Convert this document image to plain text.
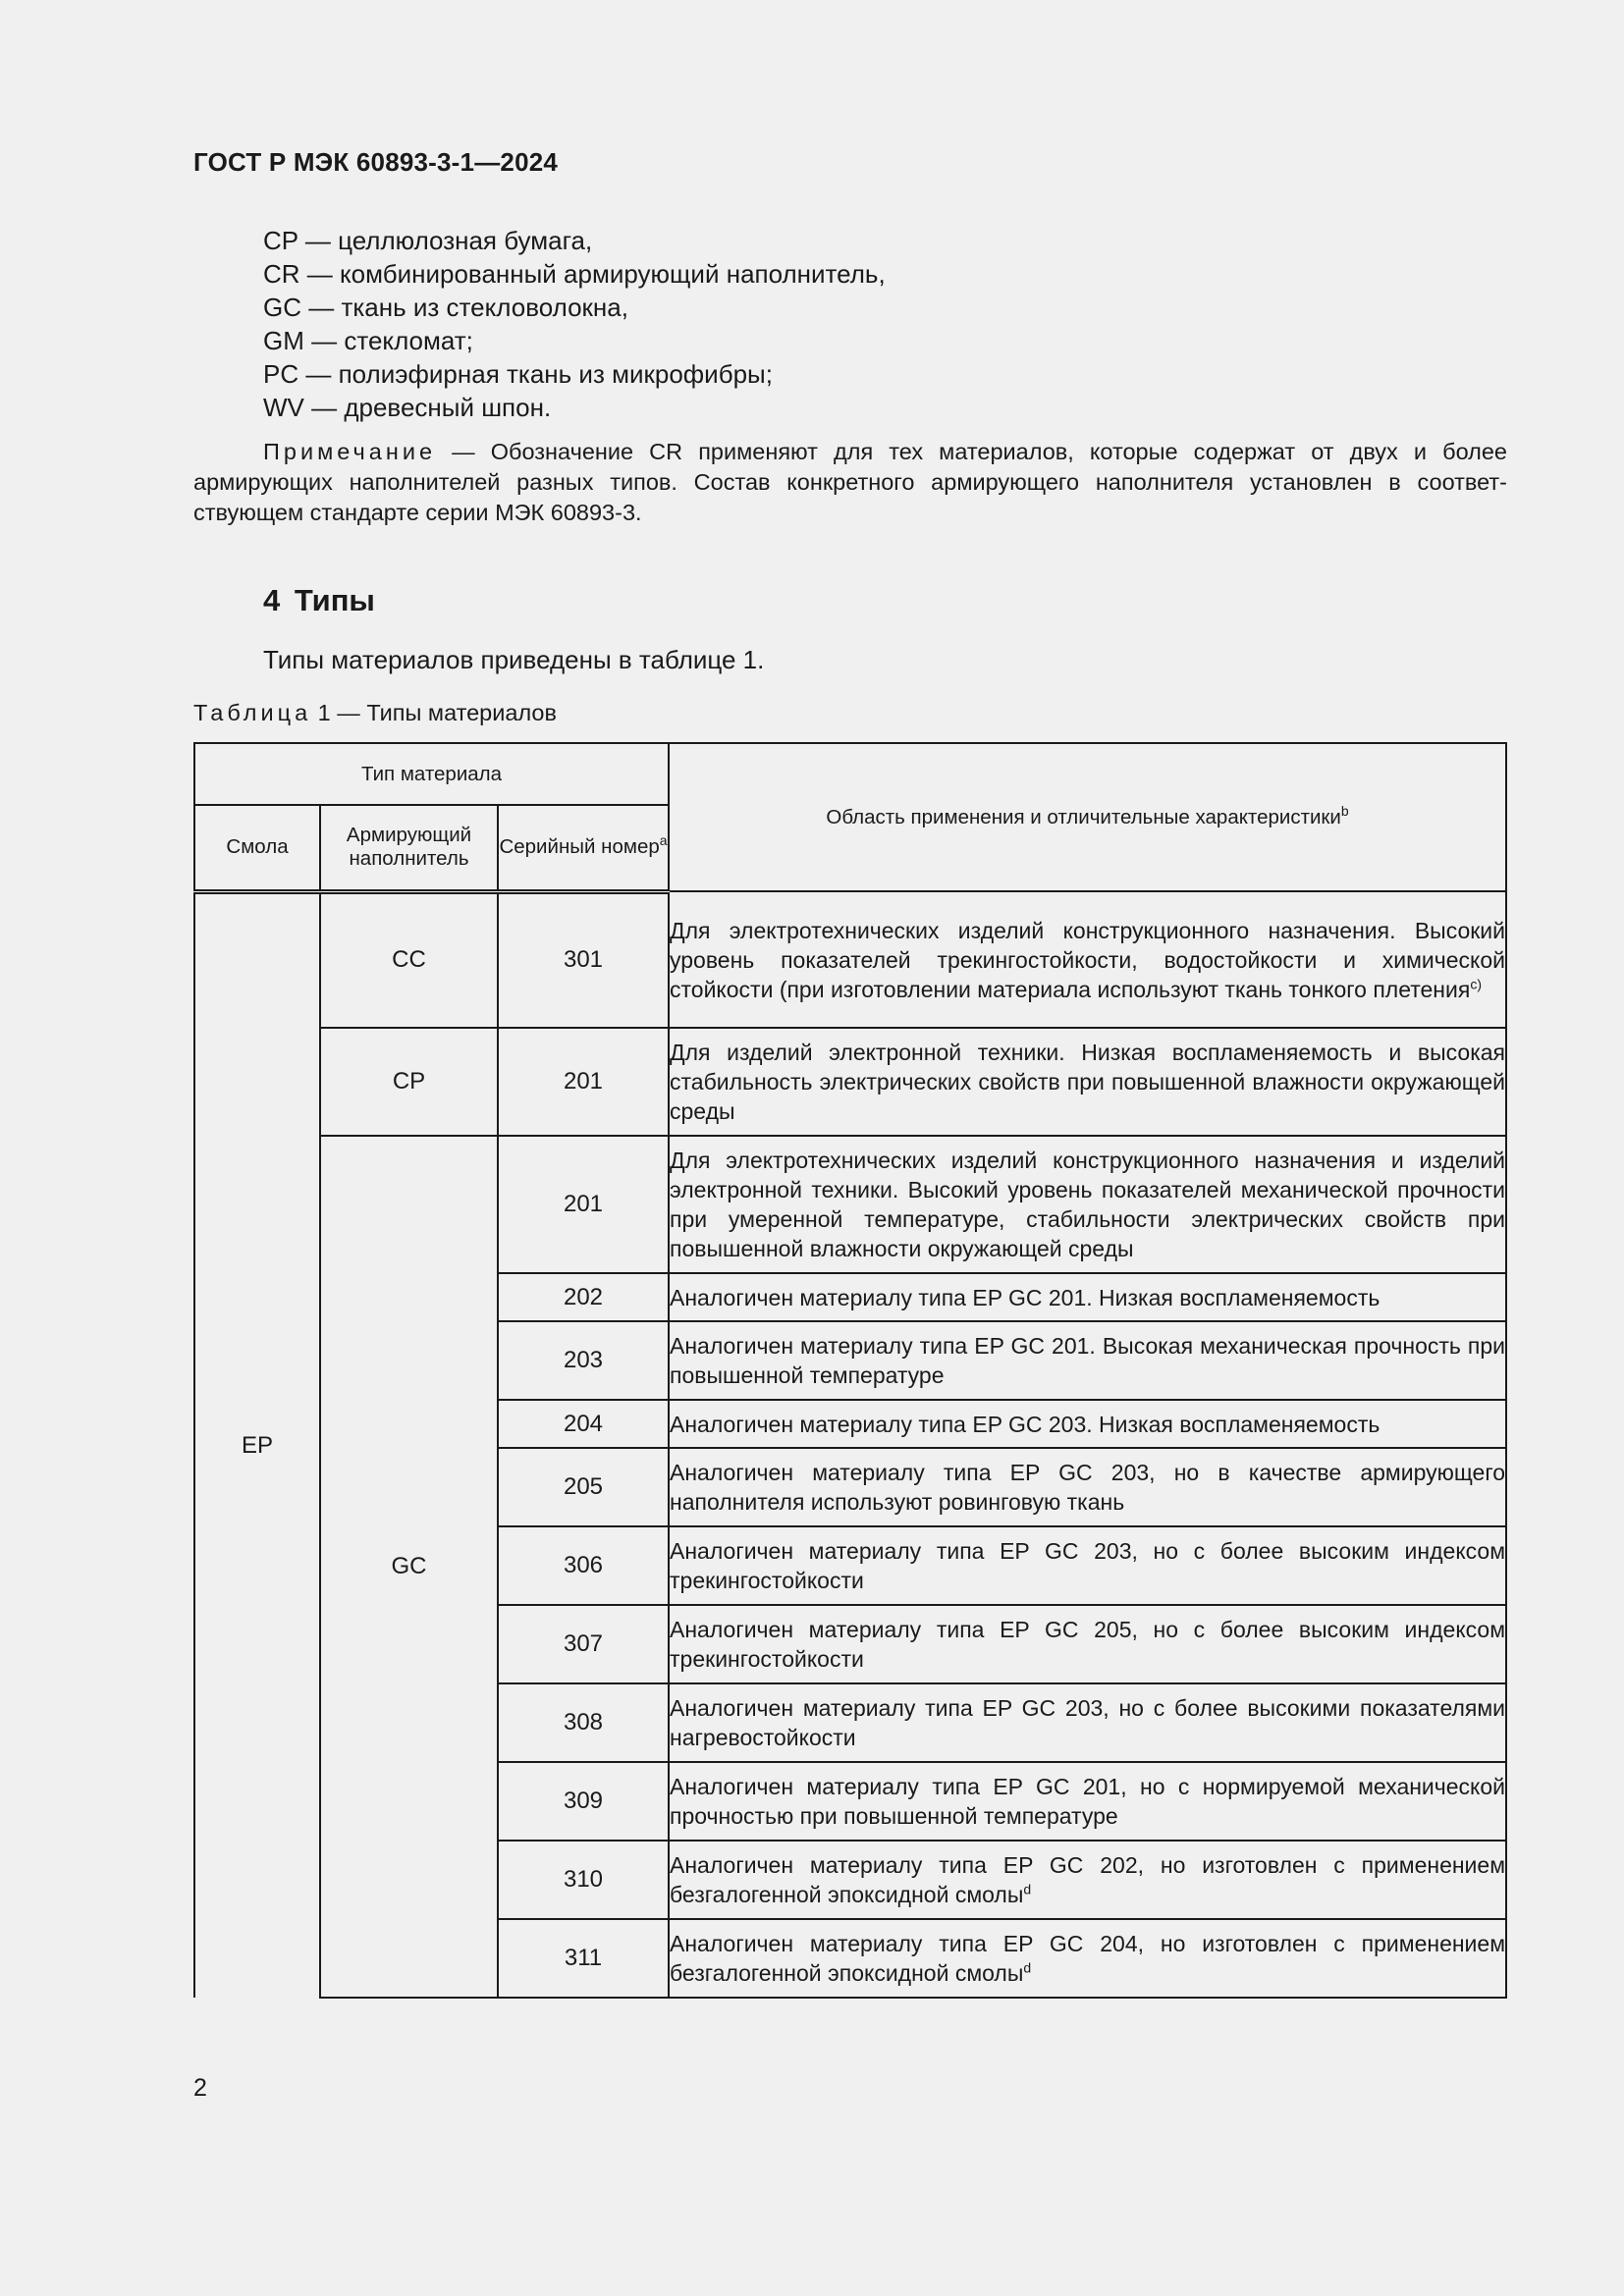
ГОСТ Р МЭК 60893-3-1—2024
CP — целлюлозная бумага,
CR — комбинированный армирующий наполнитель,
GC — ткань из стекловолокна,
GM — стекломат;
PC — полиэфирная ткань из микрофибры;
WV — древесный шпон.
Примечание — Обозначение CR применяют для тех материалов, которые содержат от двух и более армирующих наполнителей разных типов. Состав конкретного армирующего наполнителя установлен в соответствующем стандарте серии МЭК 60893-3.
4 Типы
Типы материалов приведены в таблице 1.
Таблица 1 — Типы материалов
Тип материала			Область применения и отличительные характеристики$^b$
Смола	Армирующий наполнитель	Серийный номер$^a$
EP	CC	301	Для электротехнических изделий конструкционного назначения. Высокий уровень показателей трекингостойкости, водостойкости и химической стойкости (при изготовлении материала используют ткань тонкого плетения$^{c)}$
	CP	201	Для изделий электронной техники. Низкая воспламеняемость и высокая стабильность электрических свойств при повышенной влажности окружающей среды
	GC	201	Для электротехнических изделий конструкционного назначения и изделий электронной техники. Высокий уровень показателей механической прочности при умеренной температуре, стабильности электрических свойств при повышенной влажности окружающей среды
		202	Аналогичен материалу типа EP GC 201. Низкая воспламеняемость
		203	Аналогичен материалу типа EP GC 201. Высокая механическая прочность при повышенной температуре
		204	Аналогичен материалу типа EP GC 203. Низкая воспламеняемость
		205	Аналогичен материалу типа EP GC 203, но в качестве армирующего наполнителя используют ровинговую ткань
		306	Аналогичен материалу типа EP GC 203, но с более высоким индексом трекингостойкости
		307	Аналогичен материалу типа EP GC 205, но с более высоким индексом трекингостойкости
		308	Аналогичен материалу типа EP GC 203, но с более высокими показателями нагревостойкости
		309	Аналогичен материалу типа EP GC 201, но с нормируемой механической прочностью при повышенной температуре
		310	Аналогичен материалу типа EP GC 202, но изготовлен с применением безгалогенной эпоксидной смолы$^d$
		311	Аналогичен материалу типа EP GC 204, но изготовлен с применением безгалогенной эпоксидной смолы$^d$
2
